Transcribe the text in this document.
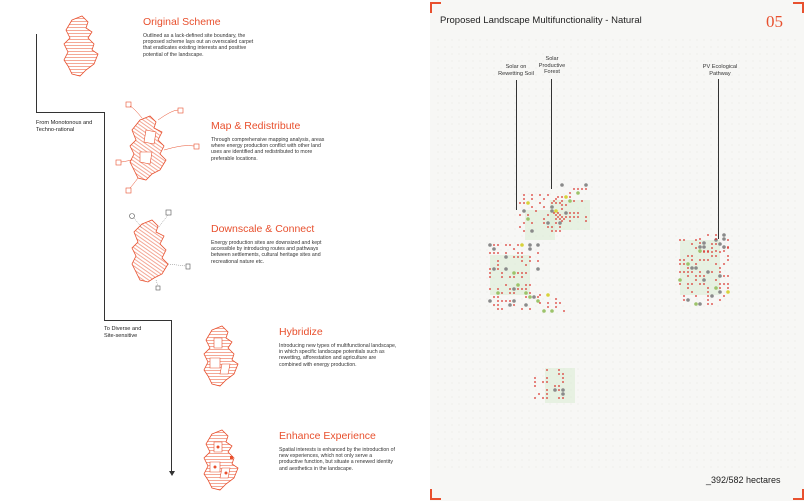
From Monotonous and
Techno-rational
To Diverse and
Site-sensitive
Original Scheme
Outlined as a lack-defined site boundary, the proposed scheme lays out an overscaled carpet that eradicates existing interests and positive potential of the landscape.
Map & Redistribute
Through comprehensive mapping analysis, areas where energy production conflict with other land uses are identified and redistributed to more preferable locations.
Downscale & Connect
Energy production sites are downsized and kept accessible by introducing routes and pathways between settlements, cultural heritage sites and recreational nature etc.
Hybridize
Introducing new types of multifunctional landscape, in which specific landscape potentials such as rewetting, afforestation and agriculture are combined with energy production.
Enhance Experience
Spatial interests is enhanced by the introduction of new experiences, which not only serve a productive function, but situate a renewed identity and aesthetics in the landscape.
Proposed Landscape Multifunctionality - Natural	05
Solar on
Rewetting Soil
Solar
Productive
Forest
PV Ecological
Pathway
_392/582 hectares
